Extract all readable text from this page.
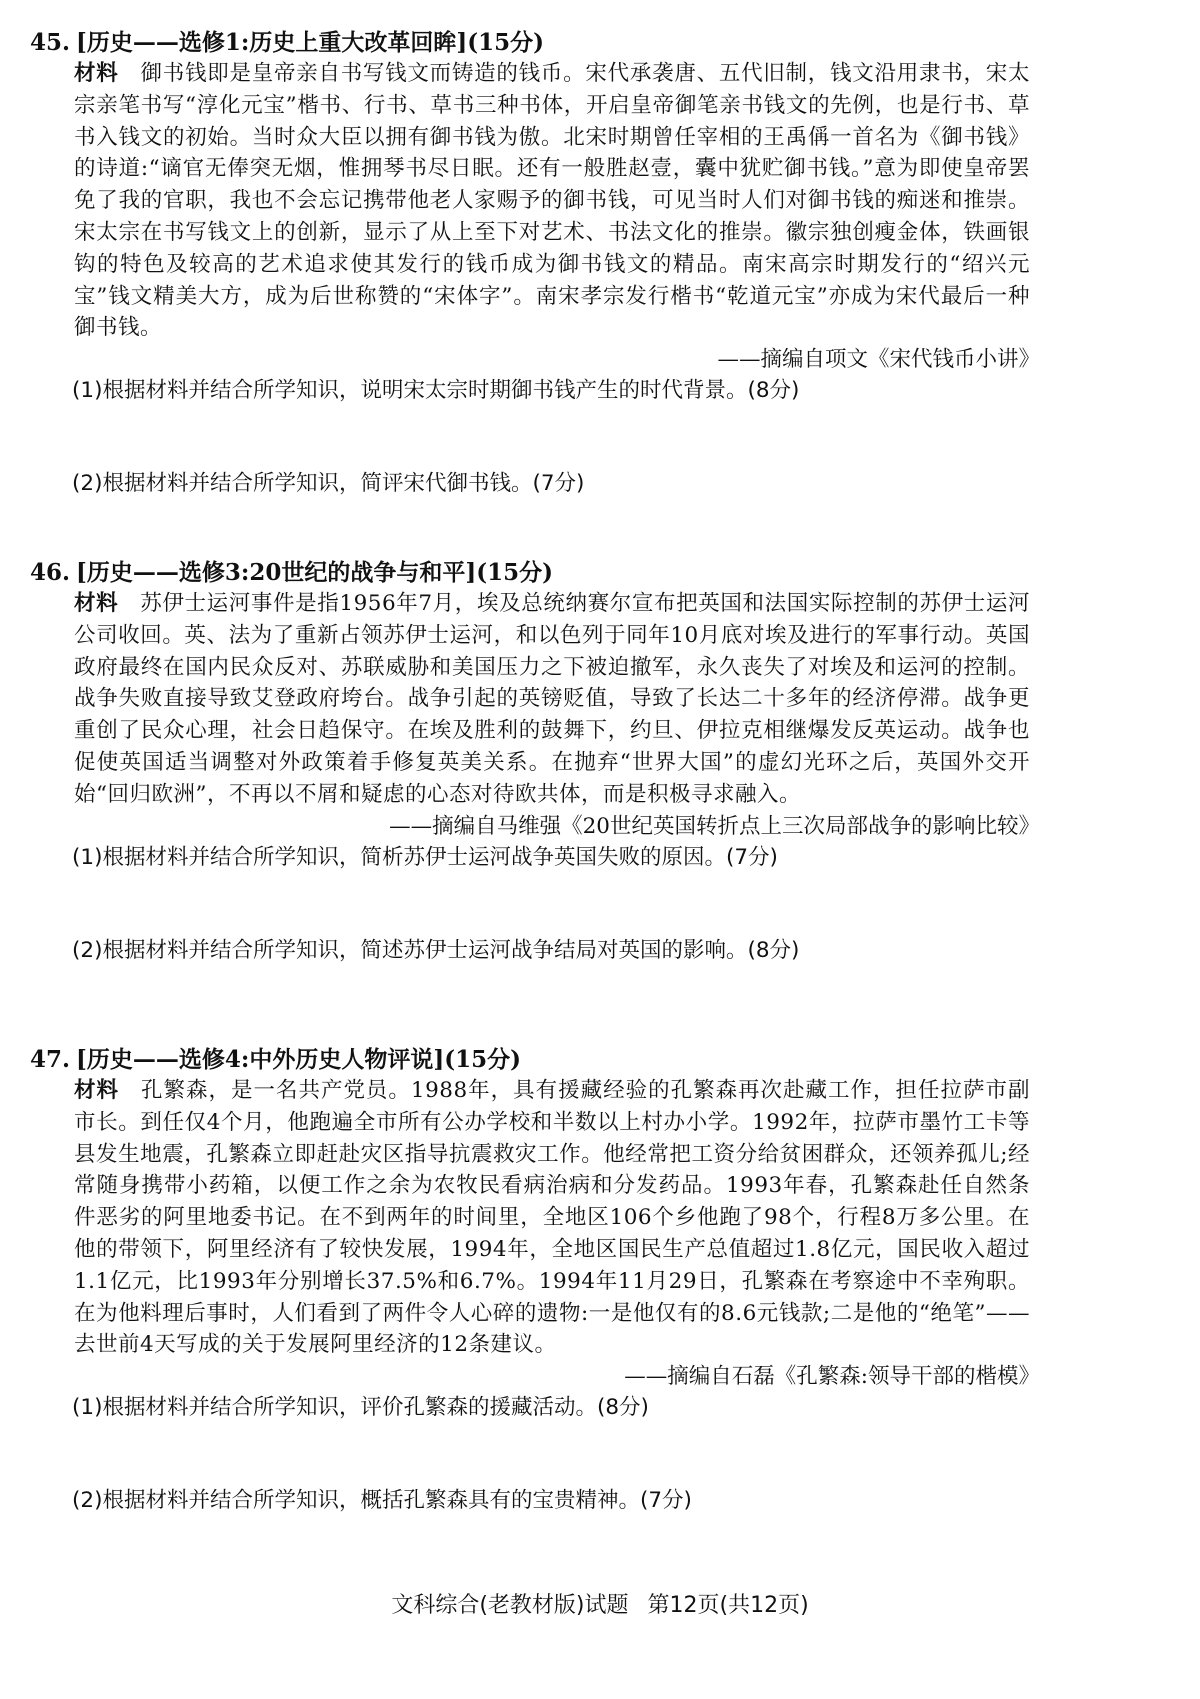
45. [历史——选修1:历史上重大改革回眸](15分)
材料 御书钱即是皇帝亲自书写钱文而铸造的钱币。宋代承袭唐、五代旧制，钱文沿用隶书，宋太宗亲笔书写“淳化元宝”楷书、行书、草书三种书体，开启皇帝御笔亲书钱文的先例，也是行书、草书入钱文的初始。当时众大臣以拥有御书钱为傲。北宋时期曾任宰相的王禹偁一首名为《御书钱》的诗道:“谪官无俸突无烟，惟拥琴书尽日眠。还有一般胜赵壹，囊中犹贮御书钱。”意为即使皇帝罢免了我的官职，我也不会忘记携带他老人家赐予的御书钱，可见当时人们对御书钱的痴迷和推崇。宋太宗在书写钱文上的创新，显示了从上至下对艺术、书法文化的推崇。徽宗独创瘦金体，铁画银钩的特色及较高的艺术追求使其发行的钱币成为御书钱文的精品。南宋高宗时期发行的“绍兴元宝”钱文精美大方，成为后世称赞的“宋体字”。南宋孝宗发行楷书“乾道元宝”亦成为宋代最后一种御书钱。
——摘编自项文《宋代钱币小讲》
(1)根据材料并结合所学知识，说明宋太宗时期御书钱产生的时代背景。(8分)
(2)根据材料并结合所学知识，简评宋代御书钱。(7分)
46. [历史——选修3:20世纪的战争与和平](15分)
材料 苏伊士运河事件是指1956年7月，埃及总统纳赛尔宣布把英国和法国实际控制的苏伊士运河公司收回。英、法为了重新占领苏伊士运河，和以色列于同年10月底对埃及进行的军事行动。英国政府最终在国内民众反对、苏联威胁和美国压力之下被迫撤军，永久丧失了对埃及和运河的控制。战争失败直接导致艾登政府垮台。战争引起的英镑贬值，导致了长达二十多年的经济停滞。战争更重创了民众心理，社会日趋保守。在埃及胜利的鼓舞下，约旦、伊拉克相继爆发反英运动。战争也促使英国适当调整对外政策着手修复英美关系。在抛弃“世界大国”的虚幻光环之后，英国外交开始“回归欧洲”，不再以不屑和疑虑的心态对待欧共体，而是积极寻求融入。
——摘编自马维强《20世纪英国转折点上三次局部战争的影响比较》
(1)根据材料并结合所学知识，简析苏伊士运河战争英国失败的原因。(7分)
(2)根据材料并结合所学知识，简述苏伊士运河战争结局对英国的影响。(8分)
47. [历史——选修4:中外历史人物评说](15分)
材料 孔繁森，是一名共产党员。1988年，具有援藏经验的孔繁森再次赴藏工作，担任拉萨市副市长。到任仅4个月，他跑遍全市所有公办学校和半数以上村办小学。1992年，拉萨市墨竹工卡等县发生地震，孔繁森立即赶赴灾区指导抗震救灾工作。他经常把工资分给贫困群众，还领养孤儿;经常随身携带小药箱，以便工作之余为农牧民看病治病和分发药品。1993年春，孔繁森赴任自然条件恶劣的阿里地委书记。在不到两年的时间里，全地区106个乡他跑了98个，行程8万多公里。在他的带领下，阿里经济有了较快发展，1994年，全地区国民生产总值超过1.8亿元，国民收入超过1.1亿元，比1993年分别增长37.5%和6.7%。1994年11月29日，孔繁森在考察途中不幸殉职。在为他料理后事时，人们看到了两件令人心碎的遗物:一是他仅有的8.6元钱款;二是他的“绝笔”——去世前4天写成的关于发展阿里经济的12条建议。
——摘编自石磊《孔繁森:领导干部的楷模》
(1)根据材料并结合所学知识，评价孔繁森的援藏活动。(8分)
(2)根据材料并结合所学知识，概括孔繁森具有的宝贵精神。(7分)
文科综合(老教材版)试题 第12页(共12页)
